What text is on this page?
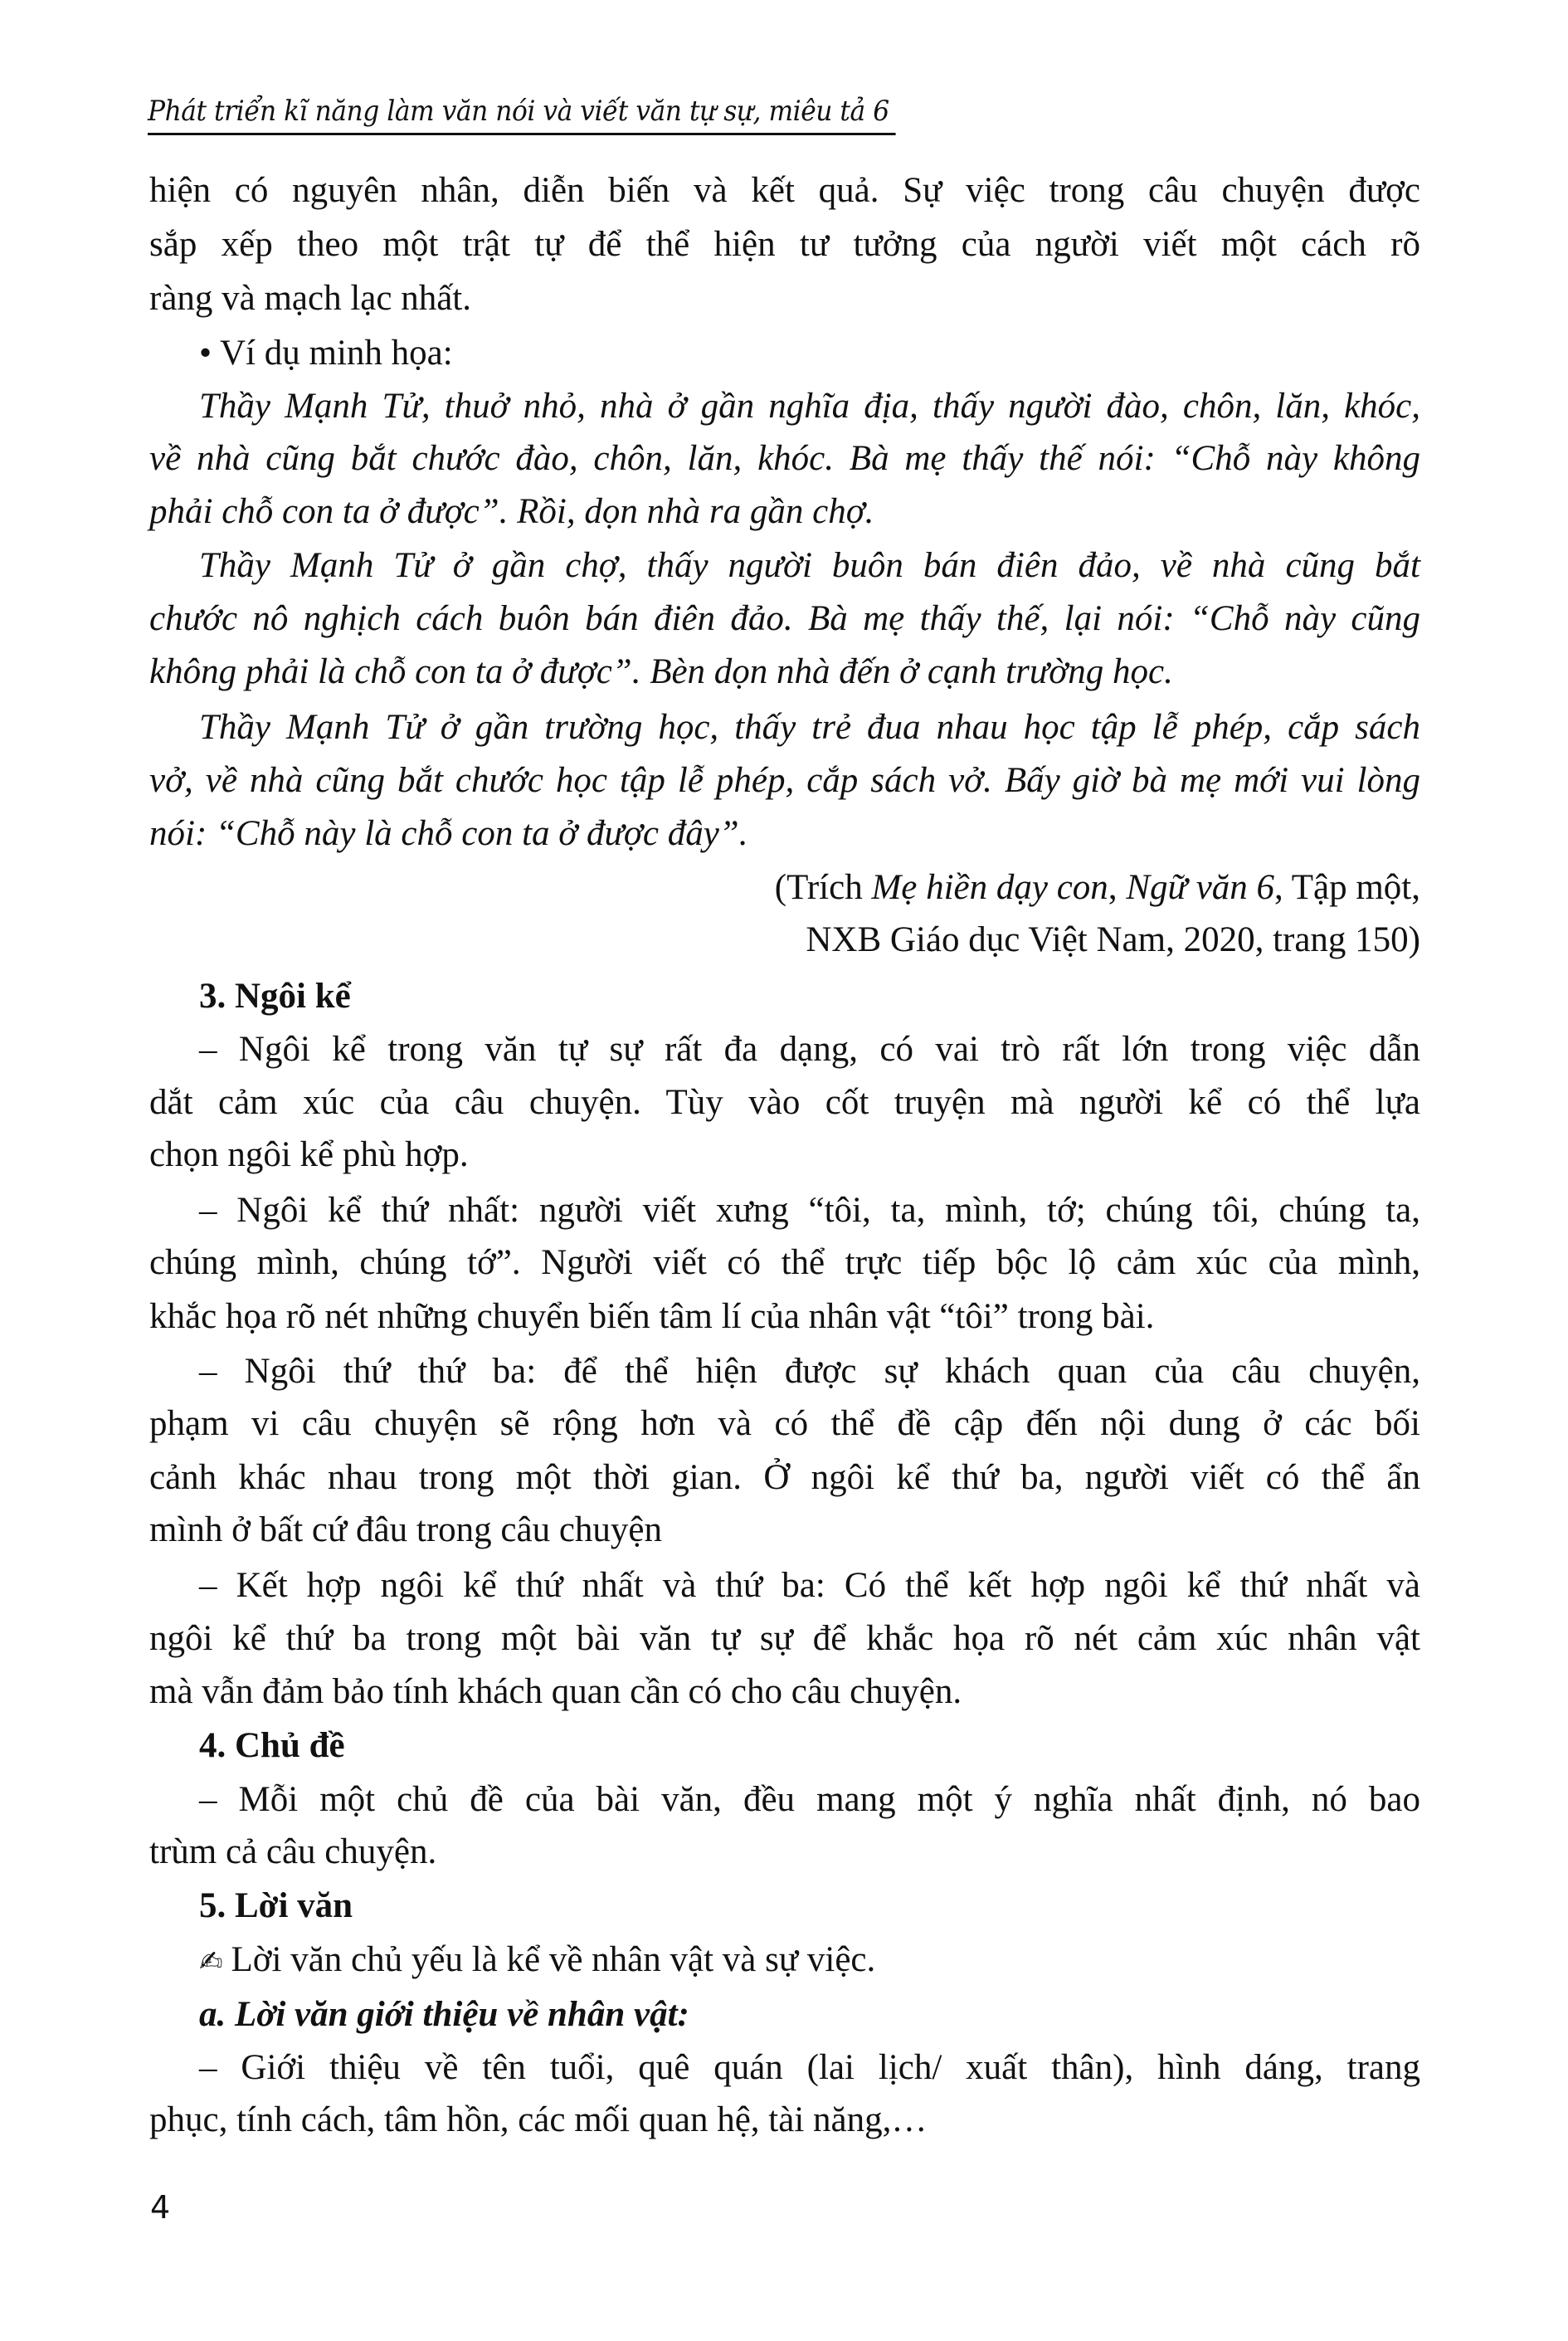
Phát triển kĩ năng làm văn nói và viết văn tự sự, miêu tả 6
hiện có nguyên nhân, diễn biến và kết quả. Sự việc trong câu chuyện được
sắp xếp theo một trật tự để thể hiện tư tưởng của người viết một cách rõ
ràng và mạch lạc nhất.
• Ví dụ minh họa:
Thầy Mạnh Tử, thuở nhỏ, nhà ở gần nghĩa địa, thấy người đào, chôn, lăn, khóc,
về nhà cũng bắt chước đào, chôn, lăn, khóc. Bà mẹ thấy thế nói: “Chỗ này không
phải chỗ con ta ở được”. Rồi, dọn nhà ra gần chợ.
Thầy Mạnh Tử ở gần chợ, thấy người buôn bán điên đảo, về nhà cũng bắt
chước nô nghịch cách buôn bán điên đảo. Bà mẹ thấy thế, lại nói: “Chỗ này cũng
không phải là chỗ con ta ở được”. Bèn dọn nhà đến ở cạnh trường học.
Thầy Mạnh Tử ở gần trường học, thấy trẻ đua nhau học tập lễ phép, cắp sách
vở, về nhà cũng bắt chước học tập lễ phép, cắp sách vở. Bấy giờ bà mẹ mới vui lòng
nói: “Chỗ này là chỗ con ta ở được đây”.
(Trích Mẹ hiền dạy con, Ngữ văn 6, Tập một,
NXB Giáo dục Việt Nam, 2020, trang 150)
3. Ngôi kể
– Ngôi kể trong văn tự sự rất đa dạng, có vai trò rất lớn trong việc dẫn
dắt cảm xúc của câu chuyện. Tùy vào cốt truyện mà người kể có thể lựa
chọn ngôi kể phù hợp.
– Ngôi kể thứ nhất: người viết xưng “tôi, ta, mình, tớ; chúng tôi, chúng ta,
chúng mình, chúng tớ”. Người viết có thể trực tiếp bộc lộ cảm xúc của mình,
khắc họa rõ nét những chuyển biến tâm lí của nhân vật “tôi” trong bài.
– Ngôi thứ thứ ba: để thể hiện được sự khách quan của câu chuyện,
phạm vi câu chuyện sẽ rộng hơn và có thể đề cập đến nội dung ở các bối
cảnh khác nhau trong một thời gian. Ở ngôi kể thứ ba, người viết có thể ẩn
mình ở bất cứ đâu trong câu chuyện
– Kết hợp ngôi kể thứ nhất và thứ ba: Có thể kết hợp ngôi kể thứ nhất và
ngôi kể thứ ba trong một bài văn tự sự để khắc họa rõ nét cảm xúc nhân vật
mà vẫn đảm bảo tính khách quan cần có cho câu chuyện.
4. Chủ đề
– Mỗi một chủ đề của bài văn, đều mang một ý nghĩa nhất định, nó bao
trùm cả câu chuyện.
5. Lời văn
✍ Lời văn chủ yếu là kể về nhân vật và sự việc.
a. Lời văn giới thiệu về nhân vật:
– Giới thiệu về tên tuổi, quê quán (lai lịch/ xuất thân), hình dáng, trang
phục, tính cách, tâm hồn, các mối quan hệ, tài năng,…
4
